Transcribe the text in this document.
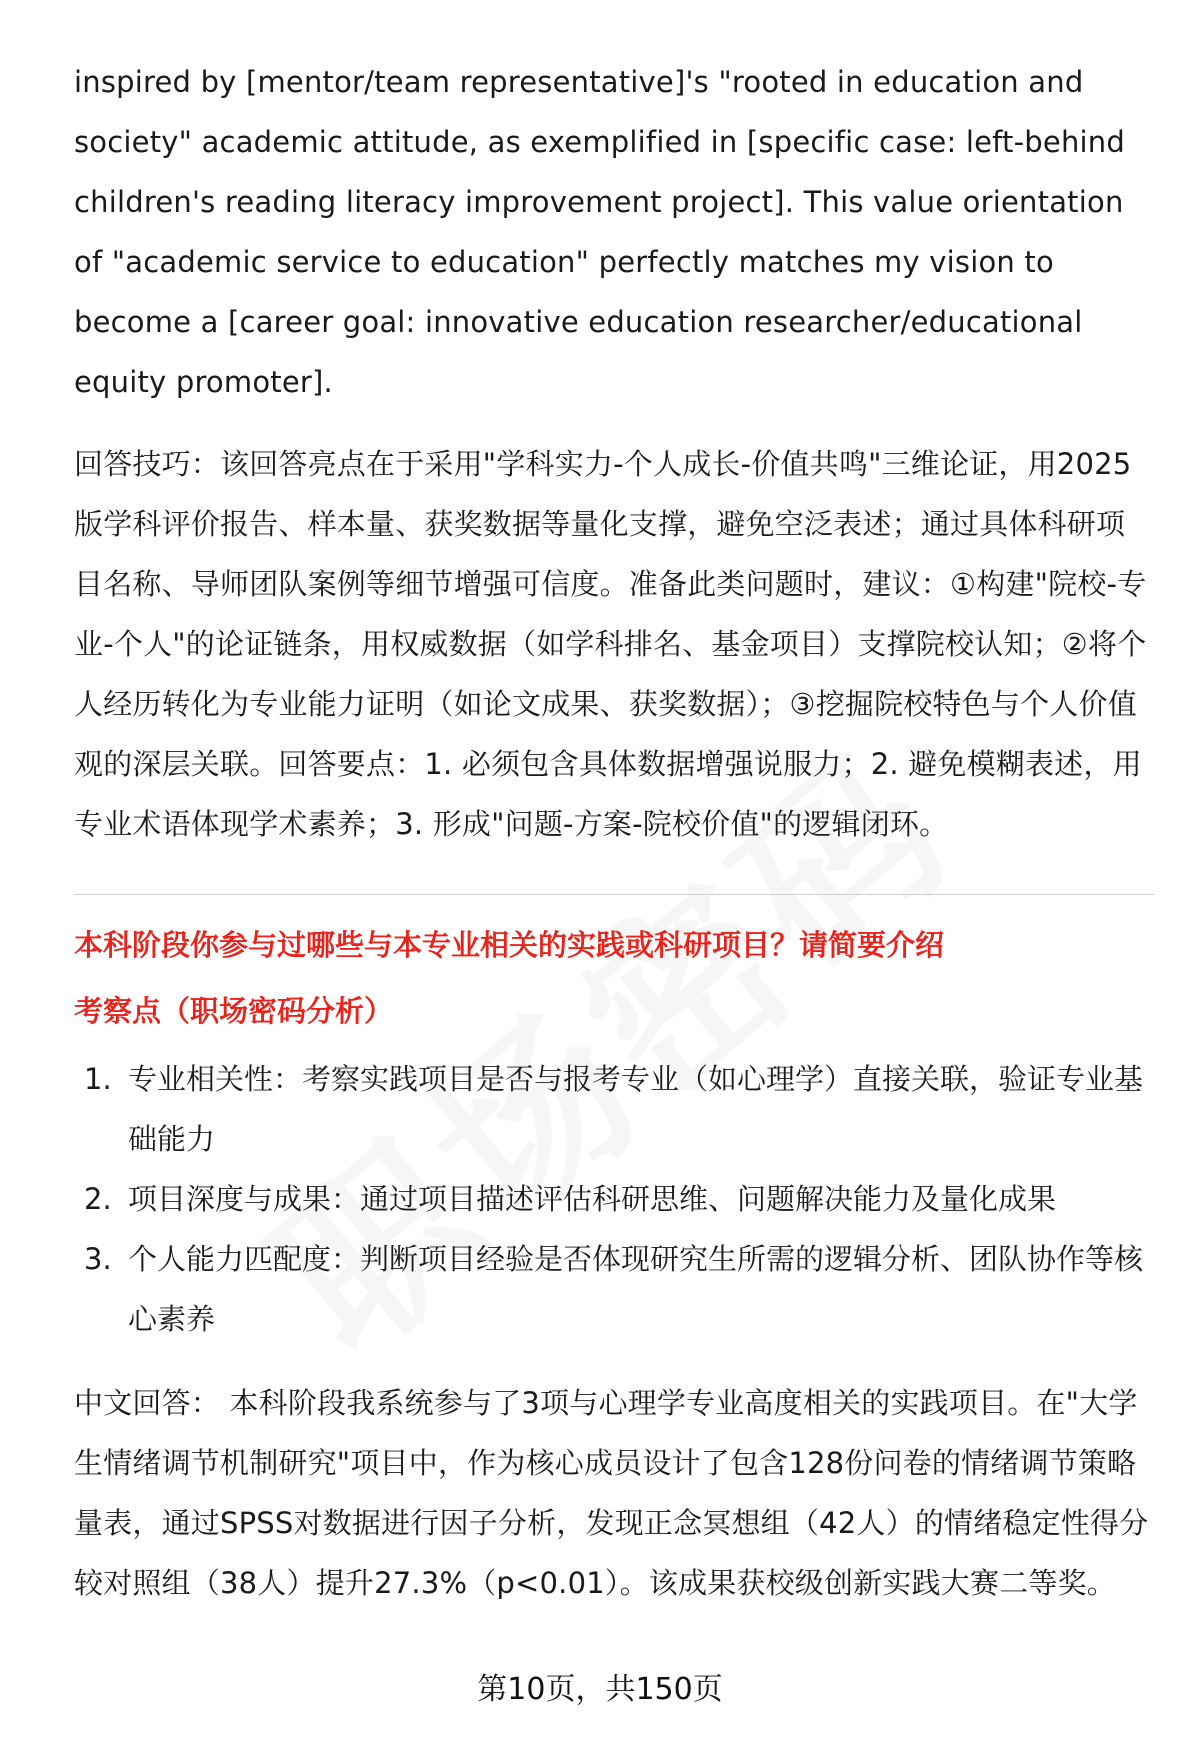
inspired by [mentor/team representative]'s "rooted in education and society" academic attitude, as exemplified in [specific case: left-behind children's reading literacy improvement project]. This value orientation of "academic service to education" perfectly matches my vision to become a [career goal: innovative education researcher/educational equity promoter].

回答技巧：该回答亮点在于采用"学科实力-个人成长-价值共鸣"三维论证，用2025版学科评价报告、样本量、获奖数据等量化支撑，避免空泛表述；通过具体科研项目名称、导师团队案例等细节增强可信度。准备此类问题时，建议：①构建"院校-专业-个人"的论证链条，用权威数据（如学科排名、基金项目）支撑院校认知；②将个人经历转化为专业能力证明（如论文成果、获奖数据）；③挖掘院校特色与个人价值观的深层关联。回答要点：1. 必须包含具体数据增强说服力；2. 避免模糊表述，用专业术语体现学术素养；3. 形成"问题-方案-院校价值"的逻辑闭环。

本科阶段你参与过哪些与本专业相关的实践或科研项目？请简要介绍

考察点（职场密码分析）

1. 专业相关性：考察实践项目是否与报考专业（如心理学）直接关联，验证专业基础能力
2. 项目深度与成果：通过项目描述评估科研思维、问题解决能力及量化成果
3. 个人能力匹配度：判断项目经验是否体现研究生所需的逻辑分析、团队协作等核心素养

中文回答： 本科阶段我系统参与了3项与心理学专业高度相关的实践项目。在"大学生情绪调节机制研究"项目中，作为核心成员设计了包含128份问卷的情绪调节策略量表，通过SPSS对数据进行因子分析，发现正念冥想组（42人）的情绪稳定性得分较对照组（38人）提升27.3%（p<0.01）。该成果获校级创新实践大赛二等奖。

第10页，共150页
